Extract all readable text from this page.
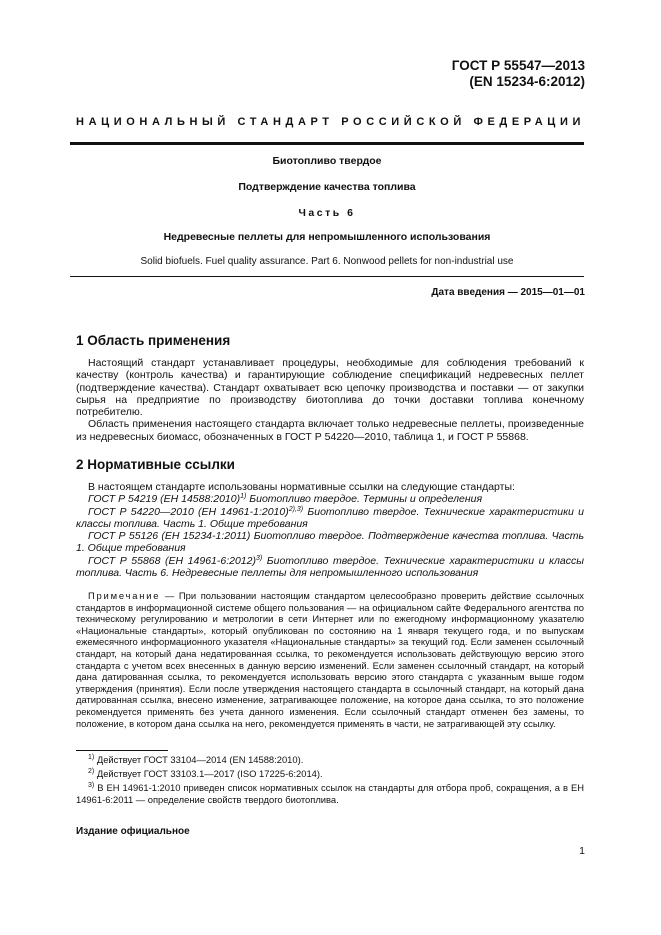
ГОСТ Р 55547—2013
(EN 15234-6:2012)
НАЦИОНАЛЬНЫЙ СТАНДАРТ РОССИЙСКОЙ ФЕДЕРАЦИИ
Биотопливо твердое
Подтверждение качества топлива
Часть 6
Недревесные пеллеты для непромышленного использования
Solid biofuels. Fuel quality assurance. Part 6. Nonwood pellets for non-industrial use
Дата введения — 2015—01—01
1 Область применения

Настоящий стандарт устанавливает процедуры, необходимые для соблюдения требований к качеству (контроль качества) и гарантирующие соблюдение спецификаций недревесных пеллет (подтверждение качества). Стандарт охватывает всю цепочку производства и поставки — от закупки сырья на предприятие по производству биотоплива до точки доставки топлива конечному потребителю.

Область применения настоящего стандарта включает только недревесные пеллеты, произведенные из недревесных биомасс, обозначенных в ГОСТ Р 54220—2010, таблица 1, и ГОСТ Р 55868.

2 Нормативные ссылки

В настоящем стандарте использованы нормативные ссылки на следующие стандарты:

ГОСТ Р 54219 (ЕН 14588:2010)$^{1)}$ Биотопливо твердое. Термины и определения

ГОСТ Р 54220—2010 (ЕН 14961-1:2010)$^{2),3)}$ Биотопливо твердое. Технические характеристики и классы топлива. Часть 1. Общие требования

ГОСТ Р 55126 (ЕН 15234-1:2011) Биотопливо твердое. Подтверждение качества топлива. Часть 1. Общие требования

ГОСТ Р 55868 (ЕН 14961-6:2012)$^{3)}$ Биотопливо твердое. Технические характеристики и классы топлива. Часть 6. Недревесные пеллеты для непромышленного использования

Примечание — При пользовании настоящим стандартом целесообразно проверить действие ссылочных стандартов в информационной системе общего пользования — на официальном сайте Федерального агентства по техническому регулированию и метрологии в сети Интернет или по ежегодному информационному указателю «Национальные стандарты», который опубликован по состоянию на 1 января текущего года, и по выпускам ежемесячного информационного указателя «Национальные стандарты» за текущий год. Если заменен ссылочный стандарт, на который дана недатированная ссылка, то рекомендуется использовать действующую версию этого стандарта с учетом всех внесенных в данную версию изменений. Если заменен ссылочный стандарт, на который дана датированная ссылка, то рекомендуется использовать версию этого стандарта с указанным выше годом утверждения (принятия). Если после утверждения настоящего стандарта в ссылочный стандарт, на который дана датированная ссылка, внесено изменение, затрагивающее положение, на которое дана ссылка, то это положение рекомендуется применять без учета данного изменения. Если ссылочный стандарт отменен без замены, то положение, в котором дана ссылка на него, рекомендуется применять в части, не затрагивающей эту ссылку.

$^{1)}$ Действует ГОСТ 33104—2014 (EN 14588:2010).

$^{2)}$ Действует ГОСТ 33103.1—2017 (ISO 17225-6:2014).

$^{3)}$ В ЕН 14961-1:2010 приведен список нормативных ссылок на стандарты для отбора проб, сокращения, а в ЕН 14961-6:2011 — определение свойств твердого биотоплива.

Издание официальное
1
